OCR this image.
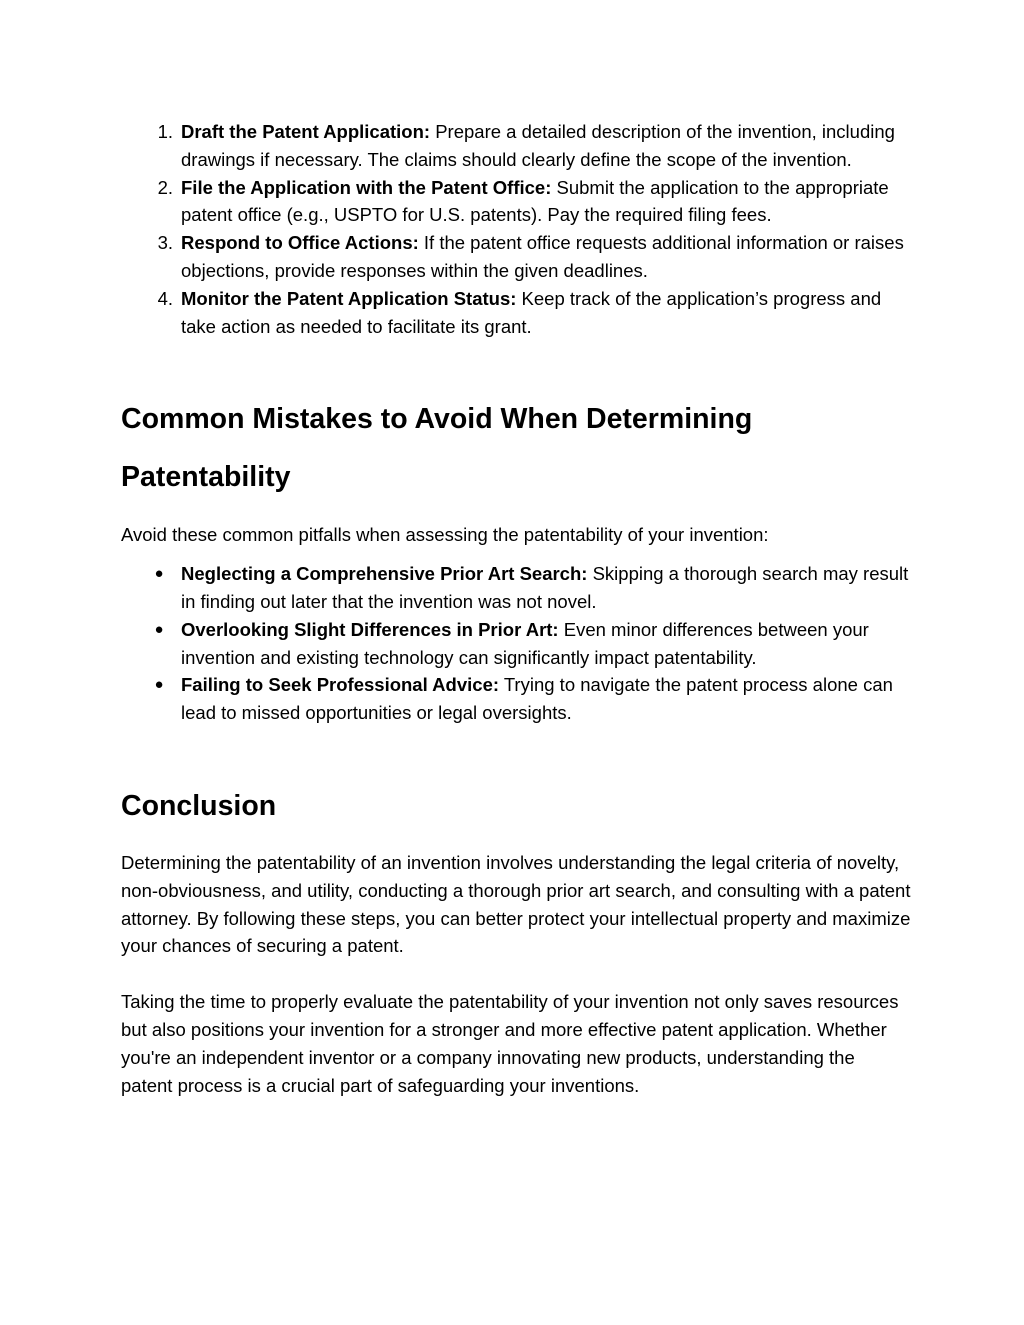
1. Draft the Patent Application: Prepare a detailed description of the invention, including drawings if necessary. The claims should clearly define the scope of the invention.
2. File the Application with the Patent Office: Submit the application to the appropriate patent office (e.g., USPTO for U.S. patents). Pay the required filing fees.
3. Respond to Office Actions: If the patent office requests additional information or raises objections, provide responses within the given deadlines.
4. Monitor the Patent Application Status: Keep track of the application’s progress and take action as needed to facilitate its grant.
Common Mistakes to Avoid When Determining Patentability

Avoid these common pitfalls when assessing the patentability of your invention:

● Neglecting a Comprehensive Prior Art Search: Skipping a thorough search may result in finding out later that the invention was not novel.
● Overlooking Slight Differences in Prior Art: Even minor differences between your invention and existing technology can significantly impact patentability.
● Failing to Seek Professional Advice: Trying to navigate the patent process alone can lead to missed opportunities or legal oversights.
Conclusion

Determining the patentability of an invention involves understanding the legal criteria of novelty, non-obviousness, and utility, conducting a thorough prior art search, and consulting with a patent attorney. By following these steps, you can better protect your intellectual property and maximize your chances of securing a patent.

Taking the time to properly evaluate the patentability of your invention not only saves resources but also positions your invention for a stronger and more effective patent application. Whether you're an independent inventor or a company innovating new products, understanding the patent process is a crucial part of safeguarding your inventions.
